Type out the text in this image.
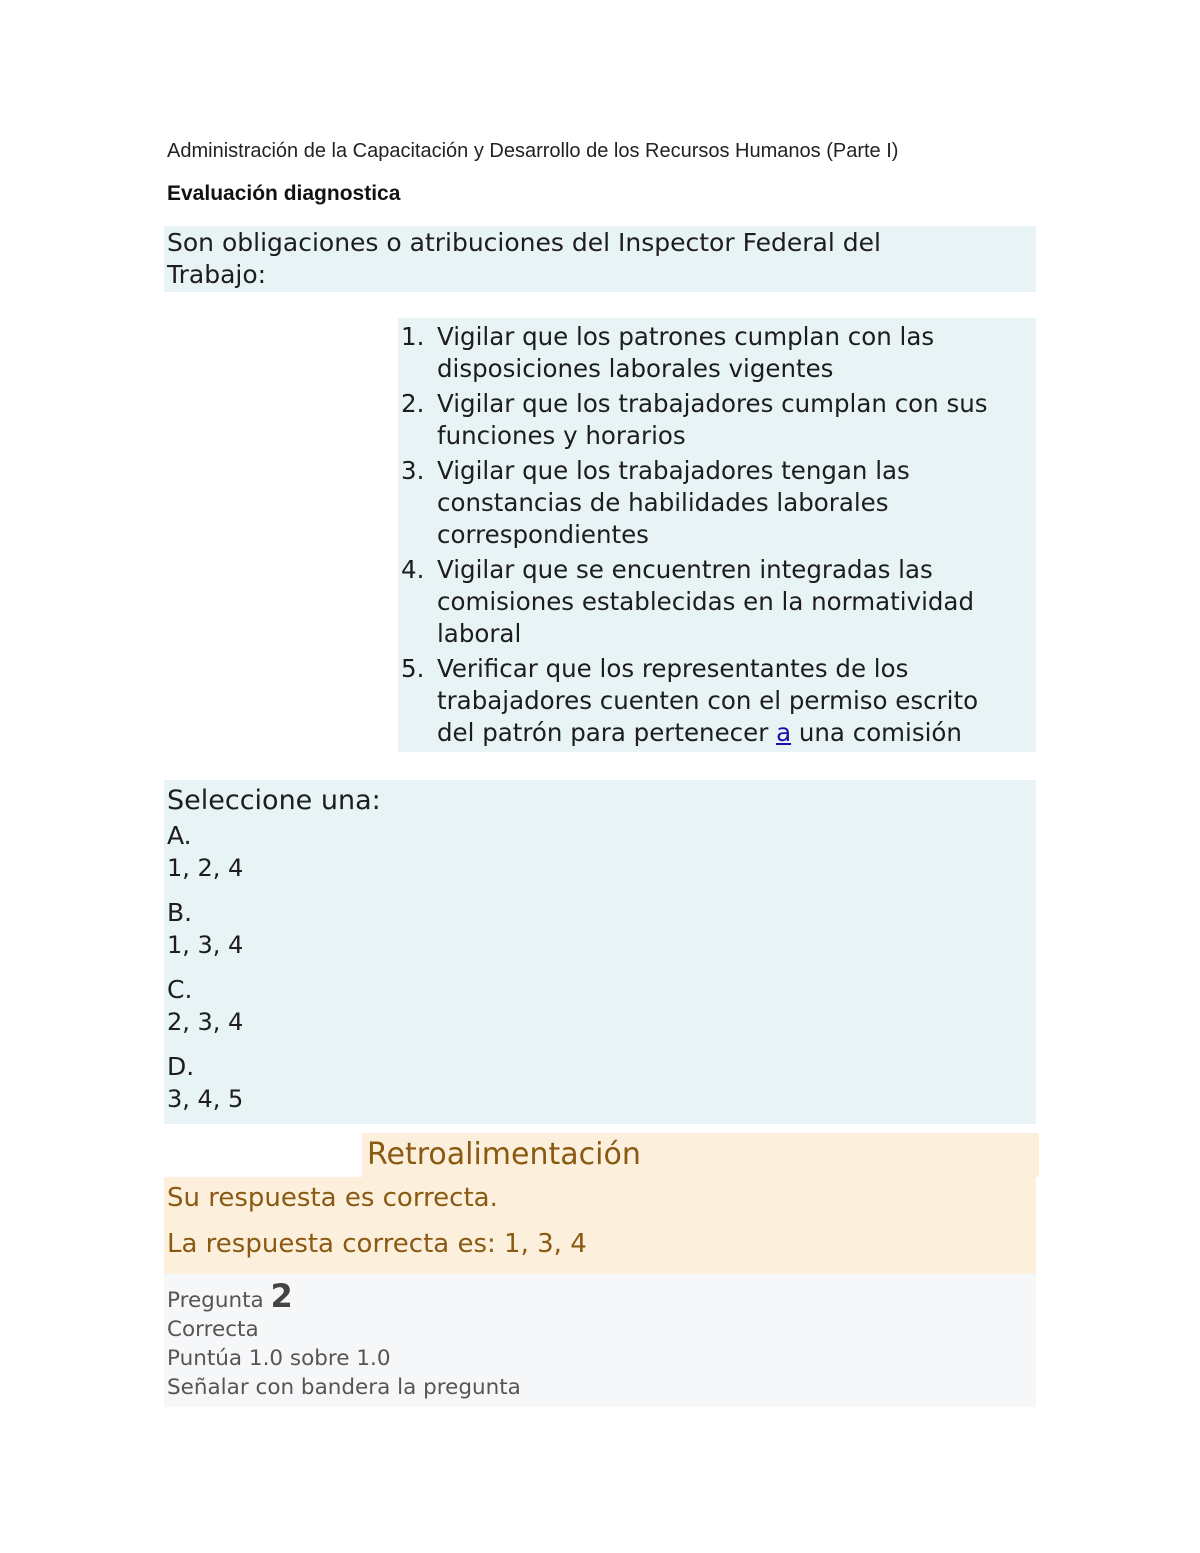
Administración de la Capacitación y Desarrollo de los Recursos Humanos (Parte I)
Evaluación diagnostica
Son obligaciones o atribuciones del Inspector Federal del
Trabajo:
1. Vigilar que los patrones cumplan con las
disposiciones laborales vigentes
2. Vigilar que los trabajadores cumplan con sus
funciones y horarios
3. Vigilar que los trabajadores tengan las
constancias de habilidades laborales
correspondientes
4. Vigilar que se encuentren integradas las
comisiones establecidas en la normatividad
laboral
5. Verificar que los representantes de los
trabajadores cuenten con el permiso escrito
del patrón para pertenecer a una comisión
Seleccione una:
A.
1, 2, 4
B.
1, 3, 4
C.
2, 3, 4
D.
3, 4, 5
Retroalimentación
Su respuesta es correcta.
La respuesta correcta es: 1, 3, 4
Pregunta 2
Correcta
Puntúa 1.0 sobre 1.0
Señalar con bandera la pregunta
